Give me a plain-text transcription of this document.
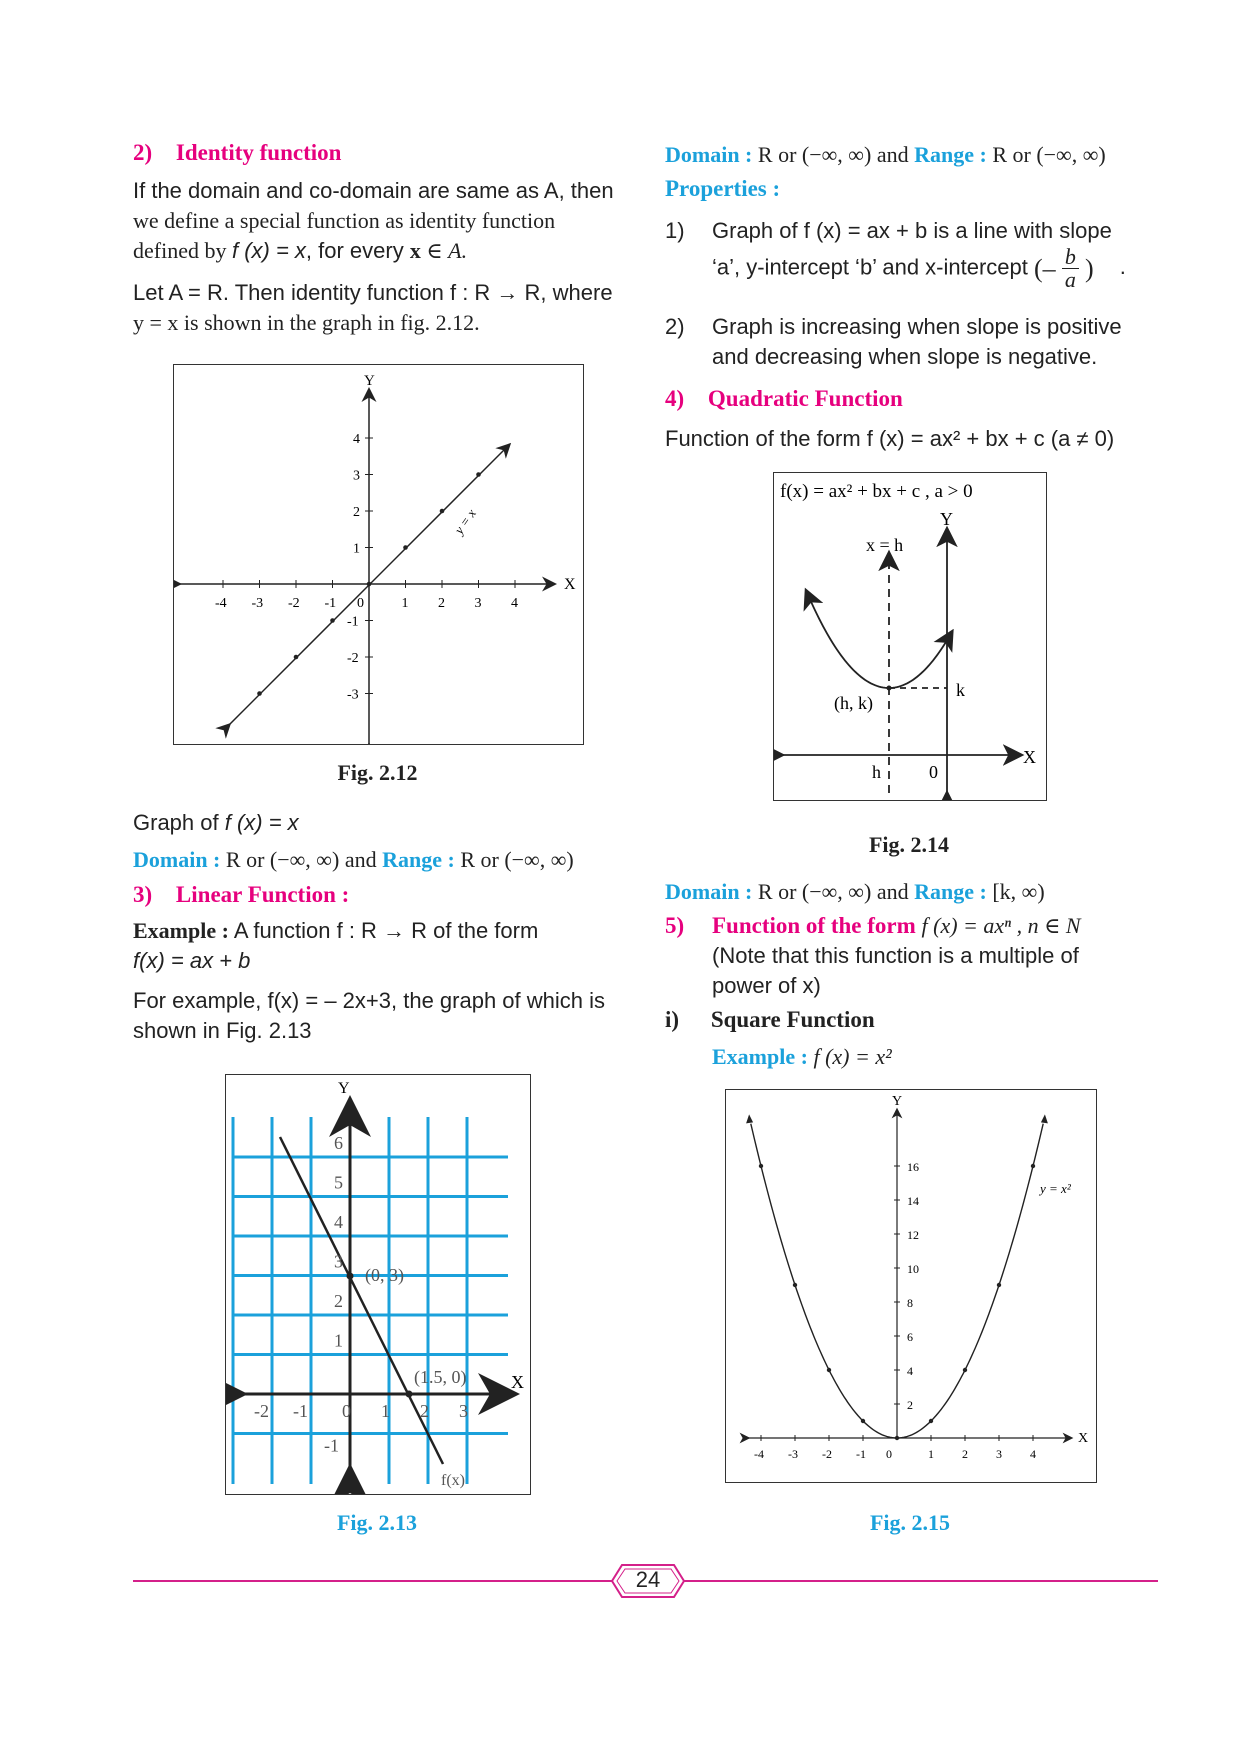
2) Identity function
If the domain and co-domain are same as A, then
we define a special function as identity function
defined by f (x) = x, for every x ∈ A.
Let A = R. Then identity function f : R → R, where
y = x is shown in the graph in fig. 2.12.
-4 -3 -2 -1 0	1 2 3 4
4
3
2
1
-1
-2
-3
Y
X
y = x
Fig. 2.12
Graph of f (x) = x
Domain : R or (−∞, ∞) and Range : R or (−∞, ∞)
3) Linear Function :
Example : A function f : R → R of the form
f(x) = ax + b
For example, f(x) = – 2x+3, the graph of which is
shown in Fig. 2.13
-2 -1 0 1 2 3
6
5
4
3
2
1
-1
Y
X
(0, 3)
(1.5, 0)
f(x)
Fig. 2.13
Domain : R or (−∞, ∞) and Range : R or (−∞, ∞)
Properties :
1) Graph of f (x) = ax + b is a line with slope
‘a’, y-intercept ‘b’ and x-intercept (– $\frac{b}{a}$ ) .
2) Graph is increasing when slope is positive
and decreasing when slope is negative.
4) Quadratic Function
Function of the form f (x) = ax² + bx + c (a ≠ 0)
f(x) = ax² + bx + c , a > 0
Y
X
x = h
(h, k)
k
h	0
Fig. 2.14
Domain : R or (−∞, ∞) and Range : [k, ∞)
5) Function of the form f (x) = axⁿ , n ∈ N
(Note that this function is a multiple of
power of x)
i) Square Function
Example : f (x) = x²
-4 -3 -2 -1 0	1 2 3 4
16
14
12
10
8
6
4
2
Y
X
y = x²
Fig. 2.15
24
